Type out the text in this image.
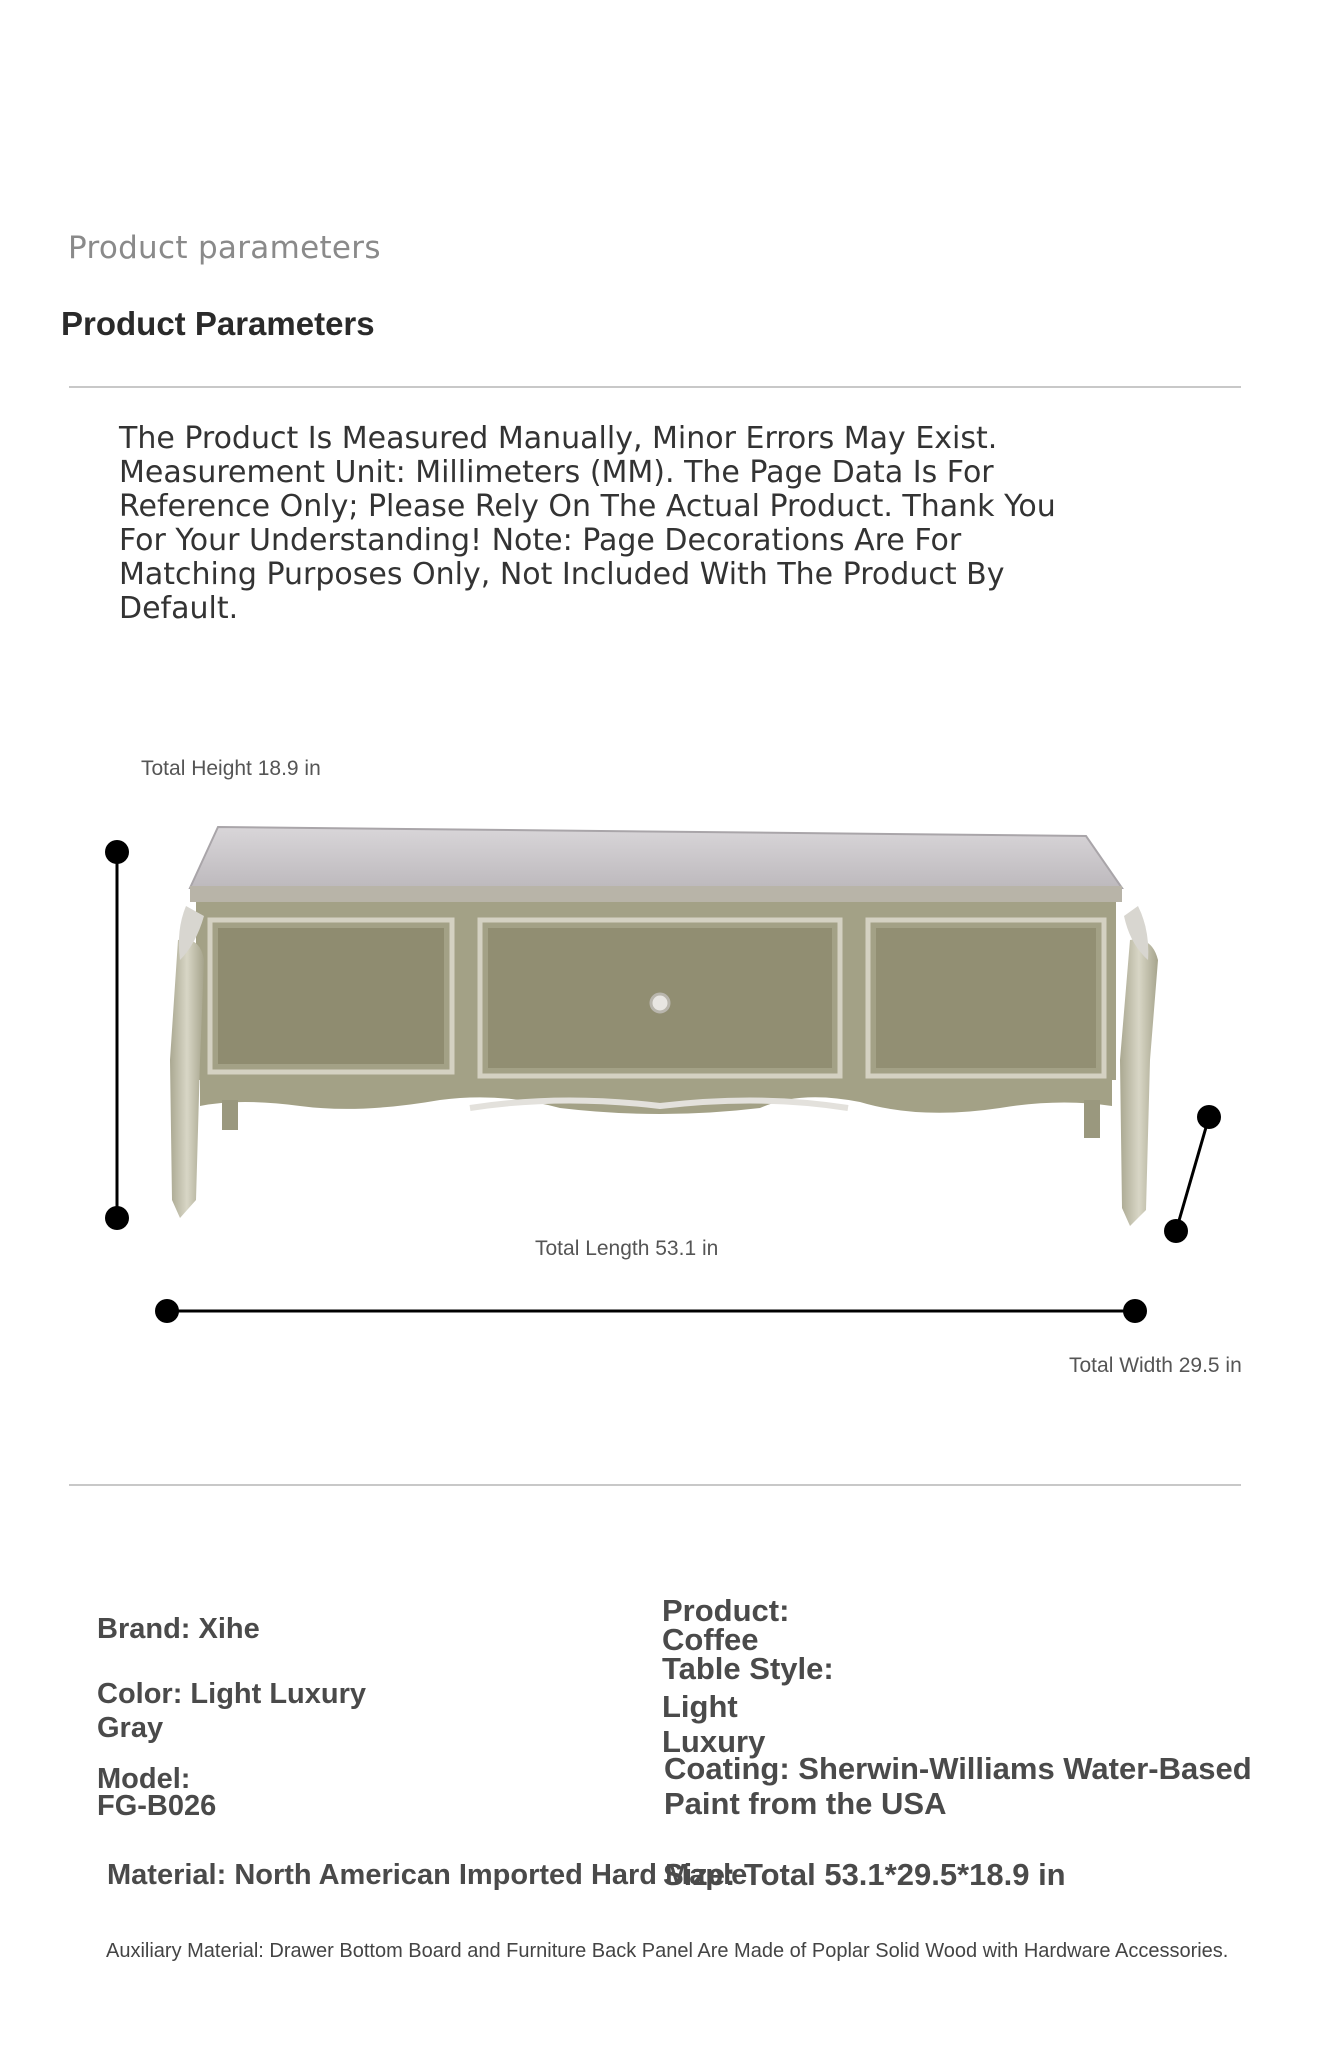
Product parameters
Product Parameters
The Product Is Measured Manually, Minor Errors May Exist. Measurement Unit: Millimeters (MM). The Page Data Is For Reference Only; Please Rely On The Actual Product. Thank You For Your Understanding! Note: Page Decorations Are For Matching Purposes Only, Not Included With The Product By Default.
Total Height 18.9 in
Total Length 53.1 in
Total Width 29.5 in
Brand: Xihe
Color: Light Luxury
Gray
Model:
FG-B026
Product:
Coffee
Table Style:
Light
Luxury
Coating: Sherwin-Williams Water-Based
Paint from the USA
Material: North American Imported Hard Maple
Size: Total 53.1*29.5*18.9 in
Auxiliary Material: Drawer Bottom Board and Furniture Back Panel Are Made of Poplar Solid Wood with Hardware Accessories.
